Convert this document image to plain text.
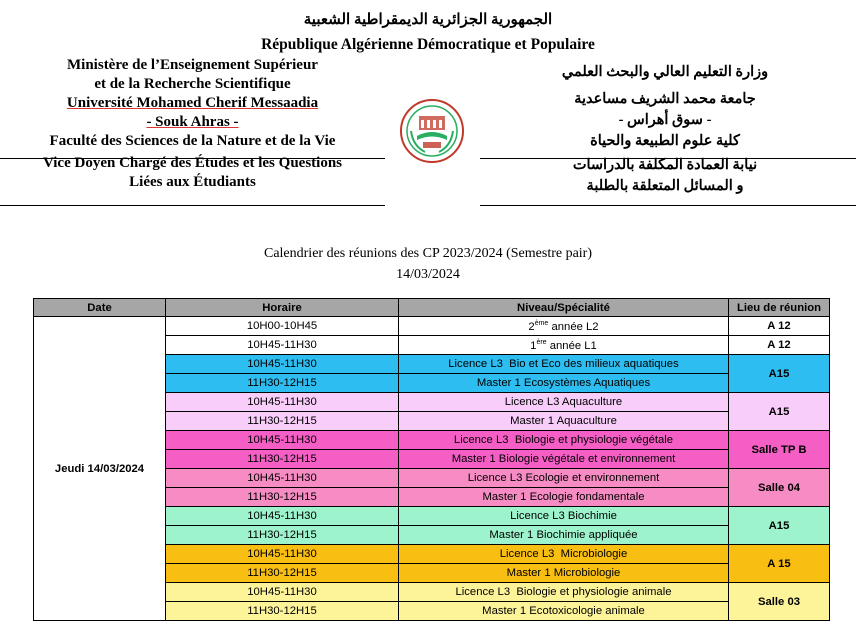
الجمهورية الجزائرية الديمقراطية الشعبية
République Algérienne Démocratique et Populaire
Ministère de l’Enseignement Supérieur
et de la Recherche Scientifique
Université Mohamed Cherif Messaadia
- Souk Ahras -
Faculté des Sciences de la Nature et de la Vie
Vice Doyen Chargé des Études et les Questions
Liées aux Étudiants
وزارة التعليم العالي والبحث العلمي
جامعة محمد الشريف مساعدية
- سوق أهراس -
كلية علوم الطبيعة والحياة
نيابة العمادة المكلفة بالدراسات
و المسائل المتعلقة بالطلبة
Calendrier des réunions des CP 2023/2024 (Semestre pair)
14/03/2024
Date	Horaire	Niveau/Spécialité	Lieu de réunion
Jeudi 14/03/2024	10H00-10H45	2ème année L2	A 12
	10H45-11H30	1ère année L1	A 12
	10H45-11H30	Licence L3  Bio et Eco des milieux aquatiques	A15
	11H30-12H15	Master 1 Ecosystèmes Aquatiques	
	10H45-11H30	Licence L3 Aquaculture	A15
	11H30-12H15	Master 1 Aquaculture	
	10H45-11H30	Licence L3  Biologie et physiologie végétale	Salle TP B
	11H30-12H15	Master 1 Biologie végétale et environnement	
	10H45-11H30	Licence L3 Ecologie et environnement	Salle 04
	11H30-12H15	Master 1 Ecologie fondamentale	
	10H45-11H30	Licence L3 Biochimie	A15
	11H30-12H15	Master 1 Biochimie appliquée	
	10H45-11H30	Licence L3  Microbiologie	A 15
	11H30-12H15	Master 1 Microbiologie	
	10H45-11H30	Licence L3  Biologie et physiologie animale	Salle 03
	11H30-12H15	Master 1 Ecotoxicologie animale	
